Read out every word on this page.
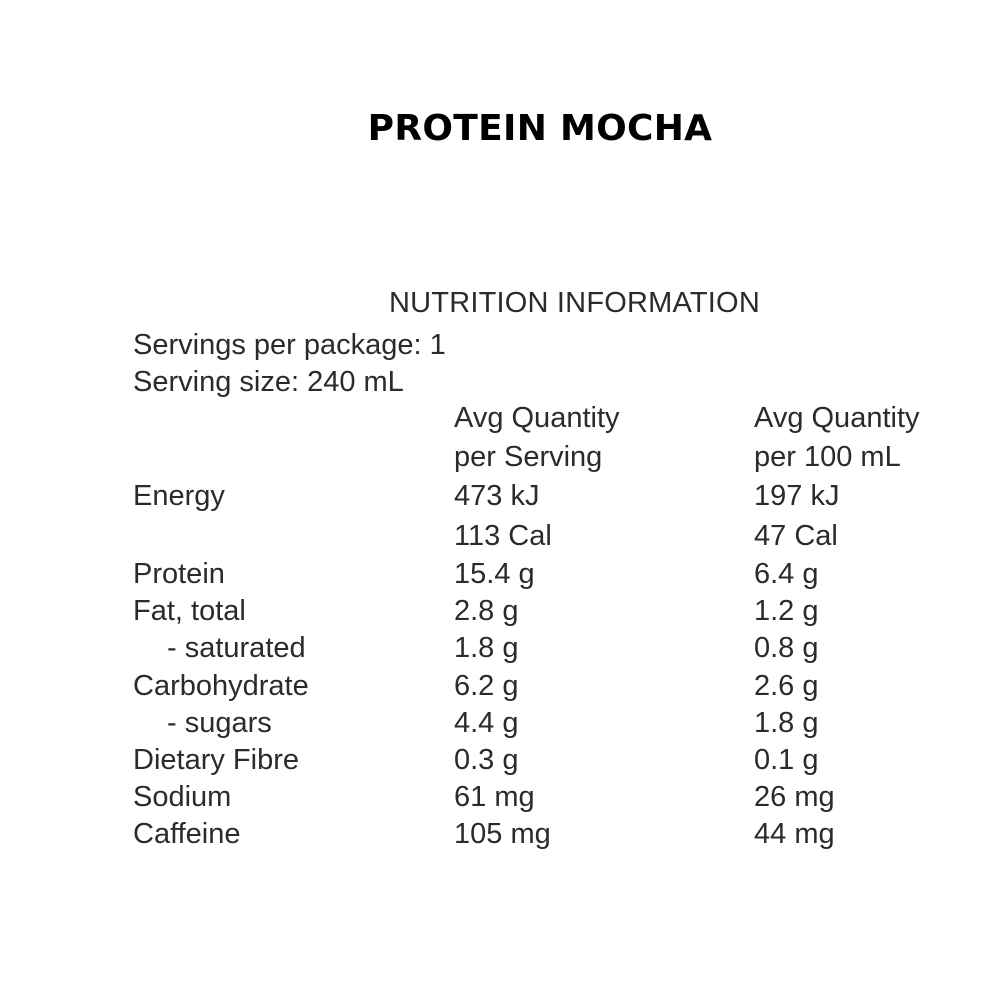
PROTEIN MOCHA
NUTRITION INFORMATION
Servings per package: 1
Serving size: 240 mL
Avg Quantity
per Serving
Avg Quantity
per 100 mL
Energy	473 kJ	197 kJ
113 Cal	47 Cal
Protein	15.4 g	6.4 g
Fat, total	2.8 g	1.2 g
- saturated	1.8 g	0.8 g
Carbohydrate	6.2 g	2.6 g
- sugars	4.4 g	1.8 g
Dietary Fibre	0.3 g	0.1 g
Sodium	61 mg	26 mg
Caffeine	105 mg	44 mg
